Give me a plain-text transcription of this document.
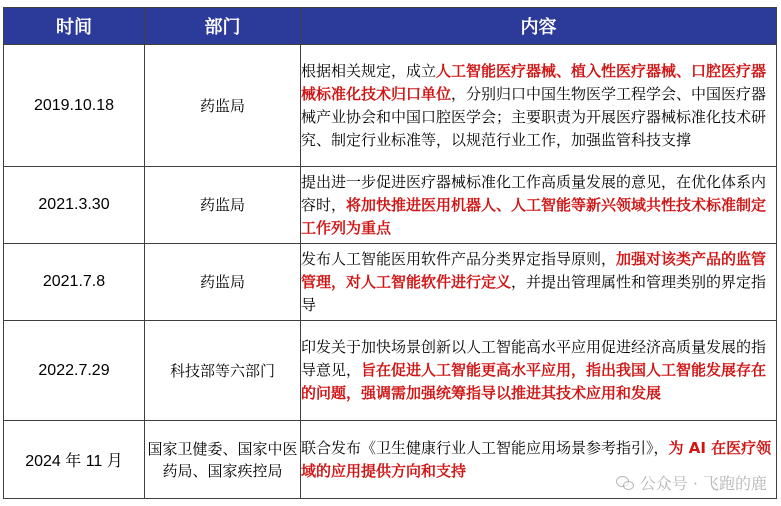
时间	部门	内容
2019.10.18	药监局	根据相关规定，成立人工智能医疗器械、植入性医疗器械、口腔医疗器械标准化技术归口单位，分别归口中国生物医学工程学会、中国医疗器械产业协会和中国口腔医学会；主要职责为开展医疗器械标准化技术研究、制定行业标准等，以规范行业工作，加强监管科技支撑
2021.3.30	药监局	提出进一步促进医疗器械标准化工作高质量发展的意见，在优化体系内容时，将加快推进医用机器人、人工智能等新兴领域共性技术标准制定工作列为重点
2021.7.8	药监局	发布人工智能医用软件产品分类界定指导原则，加强对该类产品的监管管理，对人工智能软件进行定义，并提出管理属性和管理类别的界定指导
2022.7.29	科技部等六部门	印发关于加快场景创新以人工智能高水平应用促进经济高质量发展的指导意见，旨在促进人工智能更高水平应用，指出我国人工智能发展存在的问题，强调需加强统筹指导以推进其技术应用和发展
2024 年 11 月	国家卫健委、国家中医药局、国家疾控局	联合发布《卫生健康行业人工智能应用场景参考指引》，为 AI 在医疗领域的应用提供方向和支持
公众号 · 飞跑的鹿
